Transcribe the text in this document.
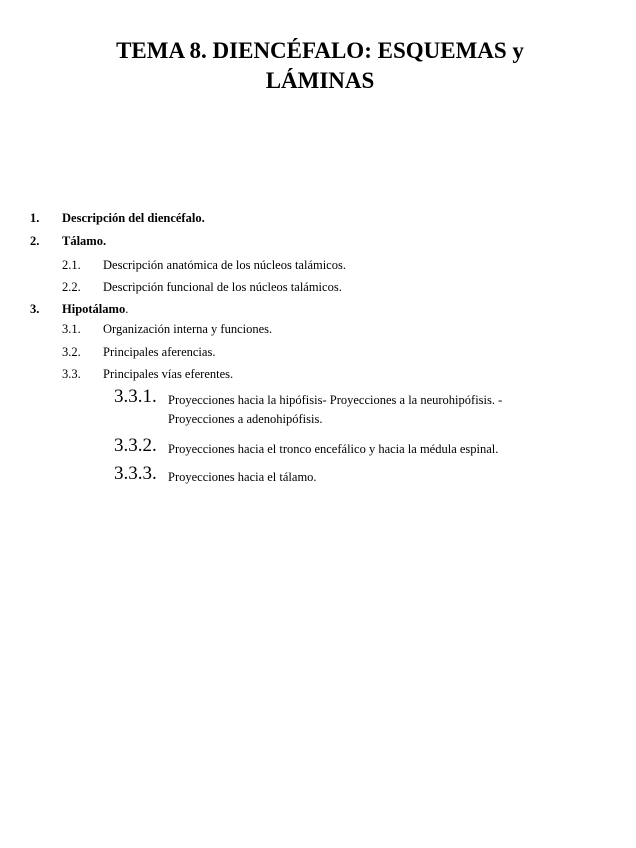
TEMA 8. DIENCÉFALO: ESQUEMAS y
LÁMINAS
1. Descripción del diencéfalo.
2. Tálamo.
2.1. Descripción anatómica de los núcleos talámicos.
2.2. Descripción funcional de los núcleos talámicos.
3. Hipotálamo.
3.1. Organización interna y funciones.
3.2. Principales aferencias.
3.3. Principales vías eferentes.
3.3.1. Proyecciones hacia la hipófisis- Proyecciones a la neurohipófisis. - Proyecciones a adenohipófisis.
3.3.2. Proyecciones hacia el tronco encefálico y hacia la médula espinal.
3.3.3. Proyecciones hacia el tálamo.
